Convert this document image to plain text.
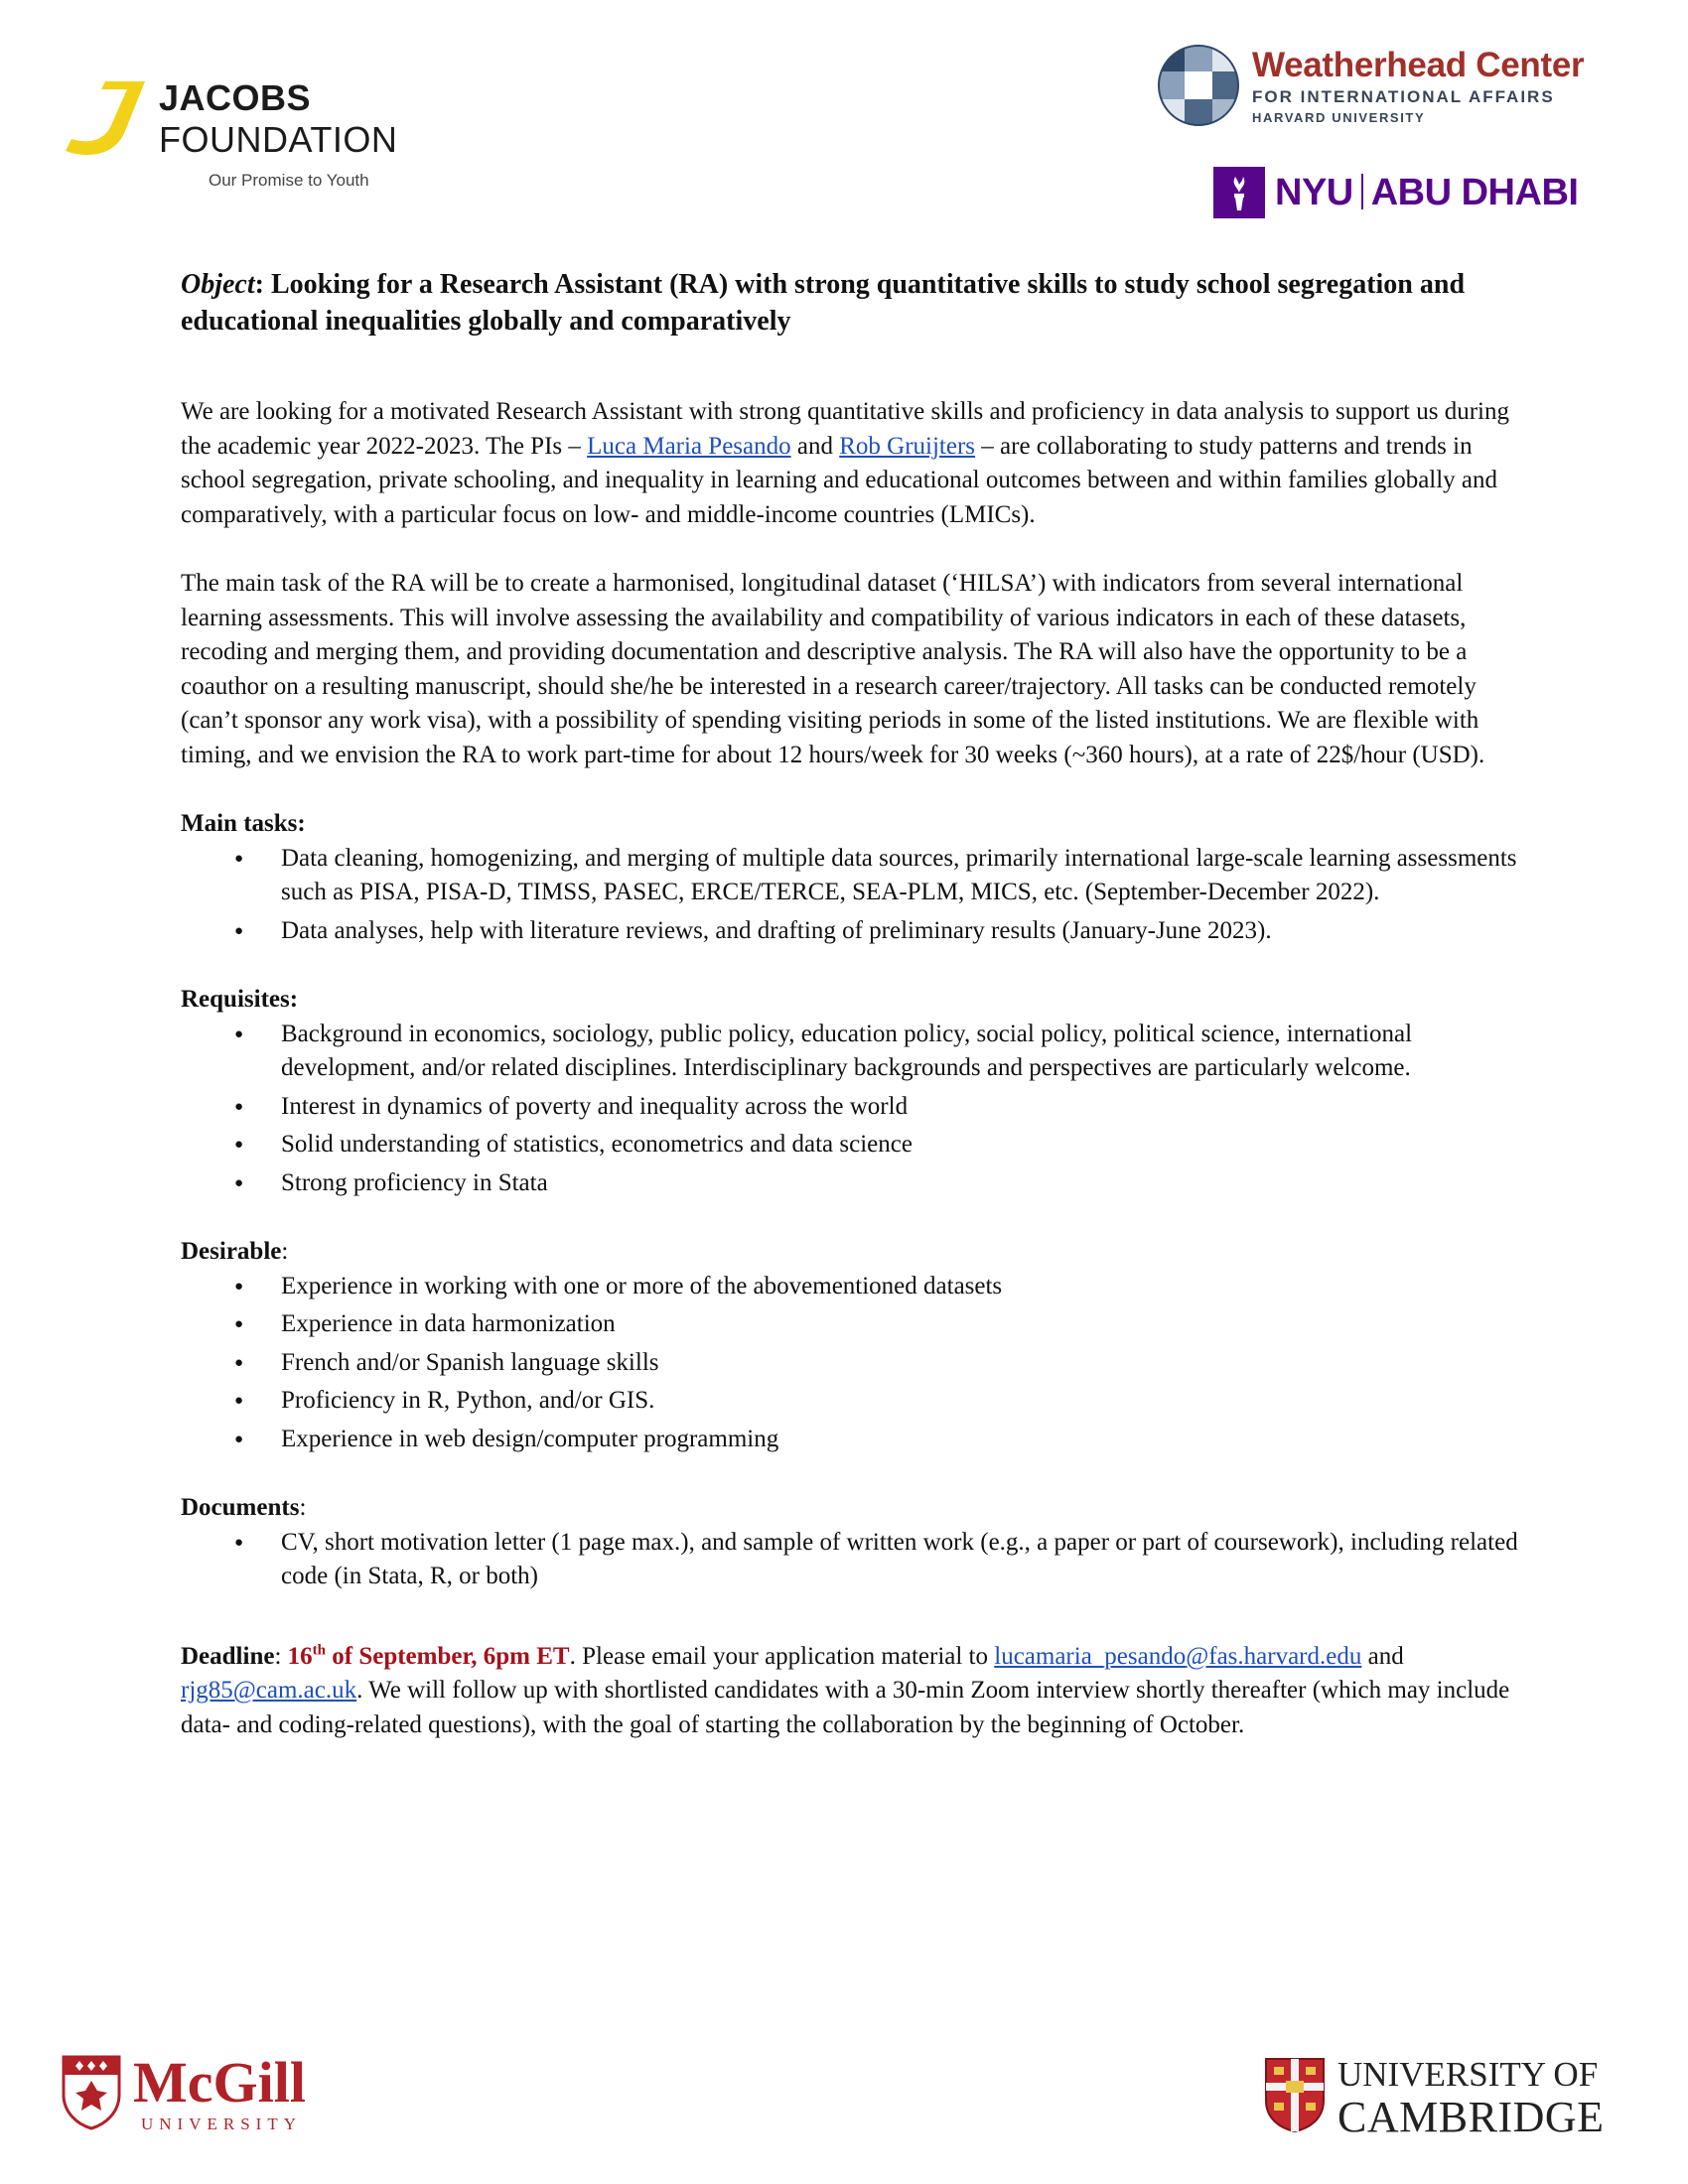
JACOBS
FOUNDATION
Our Promise to Youth
Weatherhead Center
FOR INTERNATIONAL AFFAIRS
HARVARD UNIVERSITY
NYU ABU DHABI

Object: Looking for a Research Assistant (RA) with strong quantitative skills to study school segregation and educational inequalities globally and comparatively

We are looking for a motivated Research Assistant with strong quantitative skills and proficiency in data analysis to support us during the academic year 2022-2023. The PIs – Luca Maria Pesando and Rob Gruijters – are collaborating to study patterns and trends in school segregation, private schooling, and inequality in learning and educational outcomes between and within families globally and comparatively, with a particular focus on low- and middle-income countries (LMICs).

The main task of the RA will be to create a harmonised, longitudinal dataset (‘HILSA’) with indicators from several international learning assessments. This will involve assessing the availability and compatibility of various indicators in each of these datasets, recoding and merging them, and providing documentation and descriptive analysis. The RA will also have the opportunity to be a coauthor on a resulting manuscript, should she/he be interested in a research career/trajectory. All tasks can be conducted remotely (can’t sponsor any work visa), with a possibility of spending visiting periods in some of the listed institutions. We are flexible with timing, and we envision the RA to work part-time for about 12 hours/week for 30 weeks (~360 hours), at a rate of 22$/hour (USD).

Main tasks:

● Data cleaning, homogenizing, and merging of multiple data sources, primarily international large-scale learning assessments such as PISA, PISA-D, TIMSS, PASEC, ERCE/TERCE, SEA-PLM, MICS, etc. (September-December 2022).
● Data analyses, help with literature reviews, and drafting of preliminary results (January-June 2023).

Requisites:

● Background in economics, sociology, public policy, education policy, social policy, political science, international development, and/or related disciplines. Interdisciplinary backgrounds and perspectives are particularly welcome.
● Interest in dynamics of poverty and inequality across the world
● Solid understanding of statistics, econometrics and data science
● Strong proficiency in Stata

Desirable:

● Experience in working with one or more of the abovementioned datasets
● Experience in data harmonization
● French and/or Spanish language skills
● Proficiency in R, Python, and/or GIS.
● Experience in web design/computer programming

Documents:

● CV, short motivation letter (1 page max.), and sample of written work (e.g., a paper or part of coursework), including related code (in Stata, R, or both)

Deadline: 16th of September, 6pm ET. Please email your application material to lucamaria_pesando@fas.harvard.edu and rjg85@cam.ac.uk. We will follow up with shortlisted candidates with a 30-min Zoom interview shortly thereafter (which may include data- and coding-related questions), with the goal of starting the collaboration by the beginning of October.

McGill
UNIVERSITY
UNIVERSITY OF
CAMBRIDGE
